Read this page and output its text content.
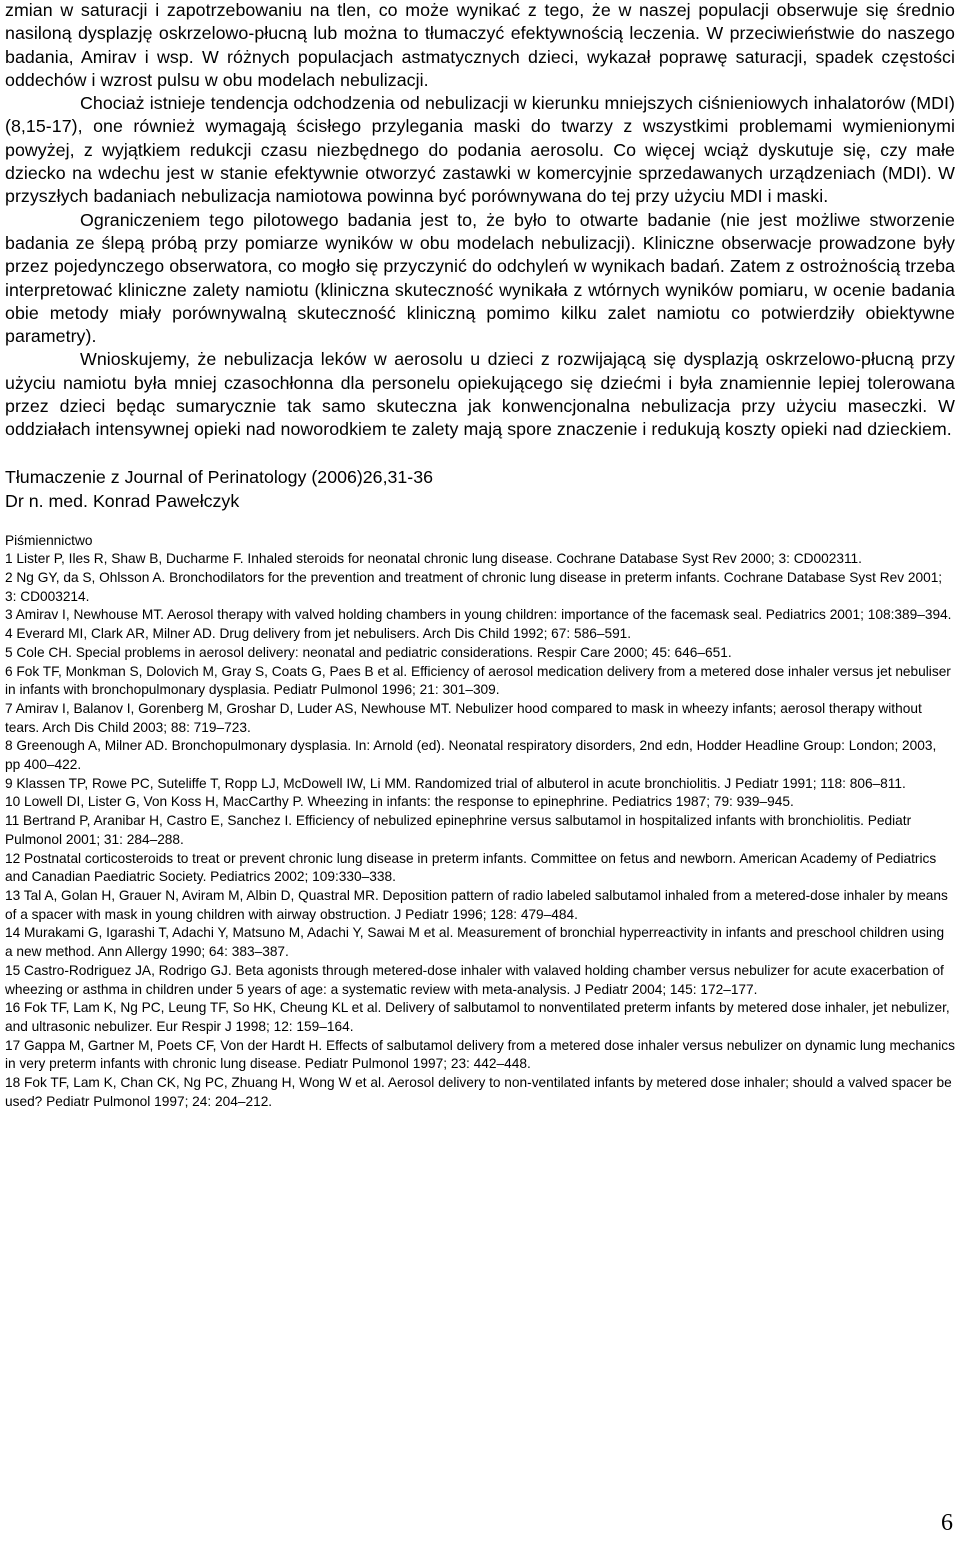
zmian w saturacji i zapotrzebowaniu na tlen, co może wynikać z tego, że w naszej populacji obserwuje się średnio nasiloną dysplazję oskrzelowo-płucną lub można to tłumaczyć efektywnością leczenia. W przeciwieństwie do naszego badania, Amirav i wsp. W różnych populacjach astmatycznych dzieci, wykazał poprawę saturacji, spadek częstości oddechów i wzrost pulsu w obu modelach nebulizacji.

Chociaż istnieje tendencja odchodzenia od nebulizacji w kierunku mniejszych ciśnieniowych inhalatorów (MDI) (8,15-17), one również wymagają ścisłego przylegania maski do twarzy z wszystkimi problemami wymienionymi powyżej, z wyjątkiem redukcji czasu niezbędnego do podania aerosolu. Co więcej wciąż dyskutuje się, czy małe dziecko na wdechu jest w stanie efektywnie otworzyć zastawki w komercyjnie sprzedawanych urządzeniach (MDI). W przyszłych badaniach nebulizacja namiotowa powinna być porównywana do tej przy użyciu MDI i maski.

Ograniczeniem tego pilotowego badania jest to, że było to otwarte badanie (nie jest możliwe stworzenie badania ze ślepą próbą przy pomiarze wyników w obu modelach nebulizacji). Kliniczne obserwacje prowadzone były przez pojedynczego obserwatora, co mogło się przyczynić do odchyleń w wynikach badań. Zatem z ostrożnością trzeba interpretować kliniczne zalety namiotu (kliniczna skuteczność wynikała z wtórnych wyników pomiaru, w ocenie badania obie metody miały porównywalną skuteczność kliniczną pomimo kilku zalet namiotu co potwierdziły obiektywne parametry).

Wnioskujemy, że nebulizacja leków w aerosolu u dzieci z rozwijającą się dysplazją oskrzelowo-płucną przy użyciu namiotu była mniej czasochłonna dla personelu opiekującego się dziećmi i była znamiennie lepiej tolerowana przez dzieci będąc sumarycznie tak samo skuteczna jak konwencjonalna nebulizacja przy użyciu maseczki. W oddziałach intensywnej opieki nad noworodkiem te zalety mają spore znaczenie i redukują koszty opieki nad dzieckiem.

Tłumaczenie z Journal of Perinatology (2006)26,31-36

Dr n. med. Konrad Pawełczyk

Piśmiennictwo

1 Lister P, Iles R, Shaw B, Ducharme F. Inhaled steroids for neonatal chronic lung disease. Cochrane Database Syst Rev 2000; 3: CD002311.

2 Ng GY, da S, Ohlsson A. Bronchodilators for the prevention and treatment of chronic lung disease in preterm infants. Cochrane Database Syst Rev 2001; 3: CD003214.

3 Amirav I, Newhouse MT. Aerosol therapy with valved holding chambers in young children: importance of the facemask seal. Pediatrics 2001; 108:389–394.

4 Everard MI, Clark AR, Milner AD. Drug delivery from jet nebulisers. Arch Dis Child 1992; 67: 586–591.

5 Cole CH. Special problems in aerosol delivery: neonatal and pediatric considerations. Respir Care 2000; 45: 646–651.

6 Fok TF, Monkman S, Dolovich M, Gray S, Coats G, Paes B et al. Efficiency of aerosol medication delivery from a metered dose inhaler versus jet nebuliser in infants with bronchopulmonary dysplasia. Pediatr Pulmonol 1996; 21: 301–309.

7 Amirav I, Balanov I, Gorenberg M, Groshar D, Luder AS, Newhouse MT. Nebulizer hood compared to mask in wheezy infants; aerosol therapy without tears. Arch Dis Child 2003; 88: 719–723.

8 Greenough A, Milner AD. Bronchopulmonary dysplasia. In: Arnold (ed). Neonatal respiratory disorders, 2nd edn, Hodder Headline Group: London; 2003, pp 400–422.

9 Klassen TP, Rowe PC, Suteliffe T, Ropp LJ, McDowell IW, Li MM. Randomized trial of albuterol in acute bronchiolitis. J Pediatr 1991; 118: 806–811.

10 Lowell DI, Lister G, Von Koss H, MacCarthy P. Wheezing in infants: the response to epinephrine. Pediatrics 1987; 79: 939–945.

11 Bertrand P, Aranibar H, Castro E, Sanchez I. Efficiency of nebulized epinephrine versus salbutamol in hospitalized infants with bronchiolitis. Pediatr Pulmonol 2001; 31: 284–288.

12 Postnatal corticosteroids to treat or prevent chronic lung disease in preterm infants. Committee on fetus and newborn. American Academy of Pediatrics and Canadian Paediatric Society. Pediatrics 2002; 109:330–338.

13 Tal A, Golan H, Grauer N, Aviram M, Albin D, Quastral MR. Deposition pattern of radio labeled salbutamol inhaled from a metered-dose inhaler by means of a spacer with mask in young children with airway obstruction. J Pediatr 1996; 128: 479–484.

14 Murakami G, Igarashi T, Adachi Y, Matsuno M, Adachi Y, Sawai M et al. Measurement of bronchial hyperreactivity in infants and preschool children using a new method. Ann Allergy 1990; 64: 383–387.

15 Castro-Rodriguez JA, Rodrigo GJ. Beta agonists through metered-dose inhaler with valaved holding chamber versus nebulizer for acute exacerbation of wheezing or asthma in children under 5 years of age: a systematic review with meta-analysis. J Pediatr 2004; 145: 172–177.

16 Fok TF, Lam K, Ng PC, Leung TF, So HK, Cheung KL et al. Delivery of salbutamol to nonventilated preterm infants by metered dose inhaler, jet nebulizer, and ultrasonic nebulizer. Eur Respir J 1998; 12: 159–164.

17 Gappa M, Gartner M, Poets CF, Von der Hardt H. Effects of salbutamol delivery from a metered dose inhaler versus nebulizer on dynamic lung mechanics in very preterm infants with chronic lung disease. Pediatr Pulmonol 1997; 23: 442–448.

18 Fok TF, Lam K, Chan CK, Ng PC, Zhuang H, Wong W et al. Aerosol delivery to non-ventilated infants by metered dose inhaler; should a valved spacer be used? Pediatr Pulmonol 1997; 24: 204–212.

6
